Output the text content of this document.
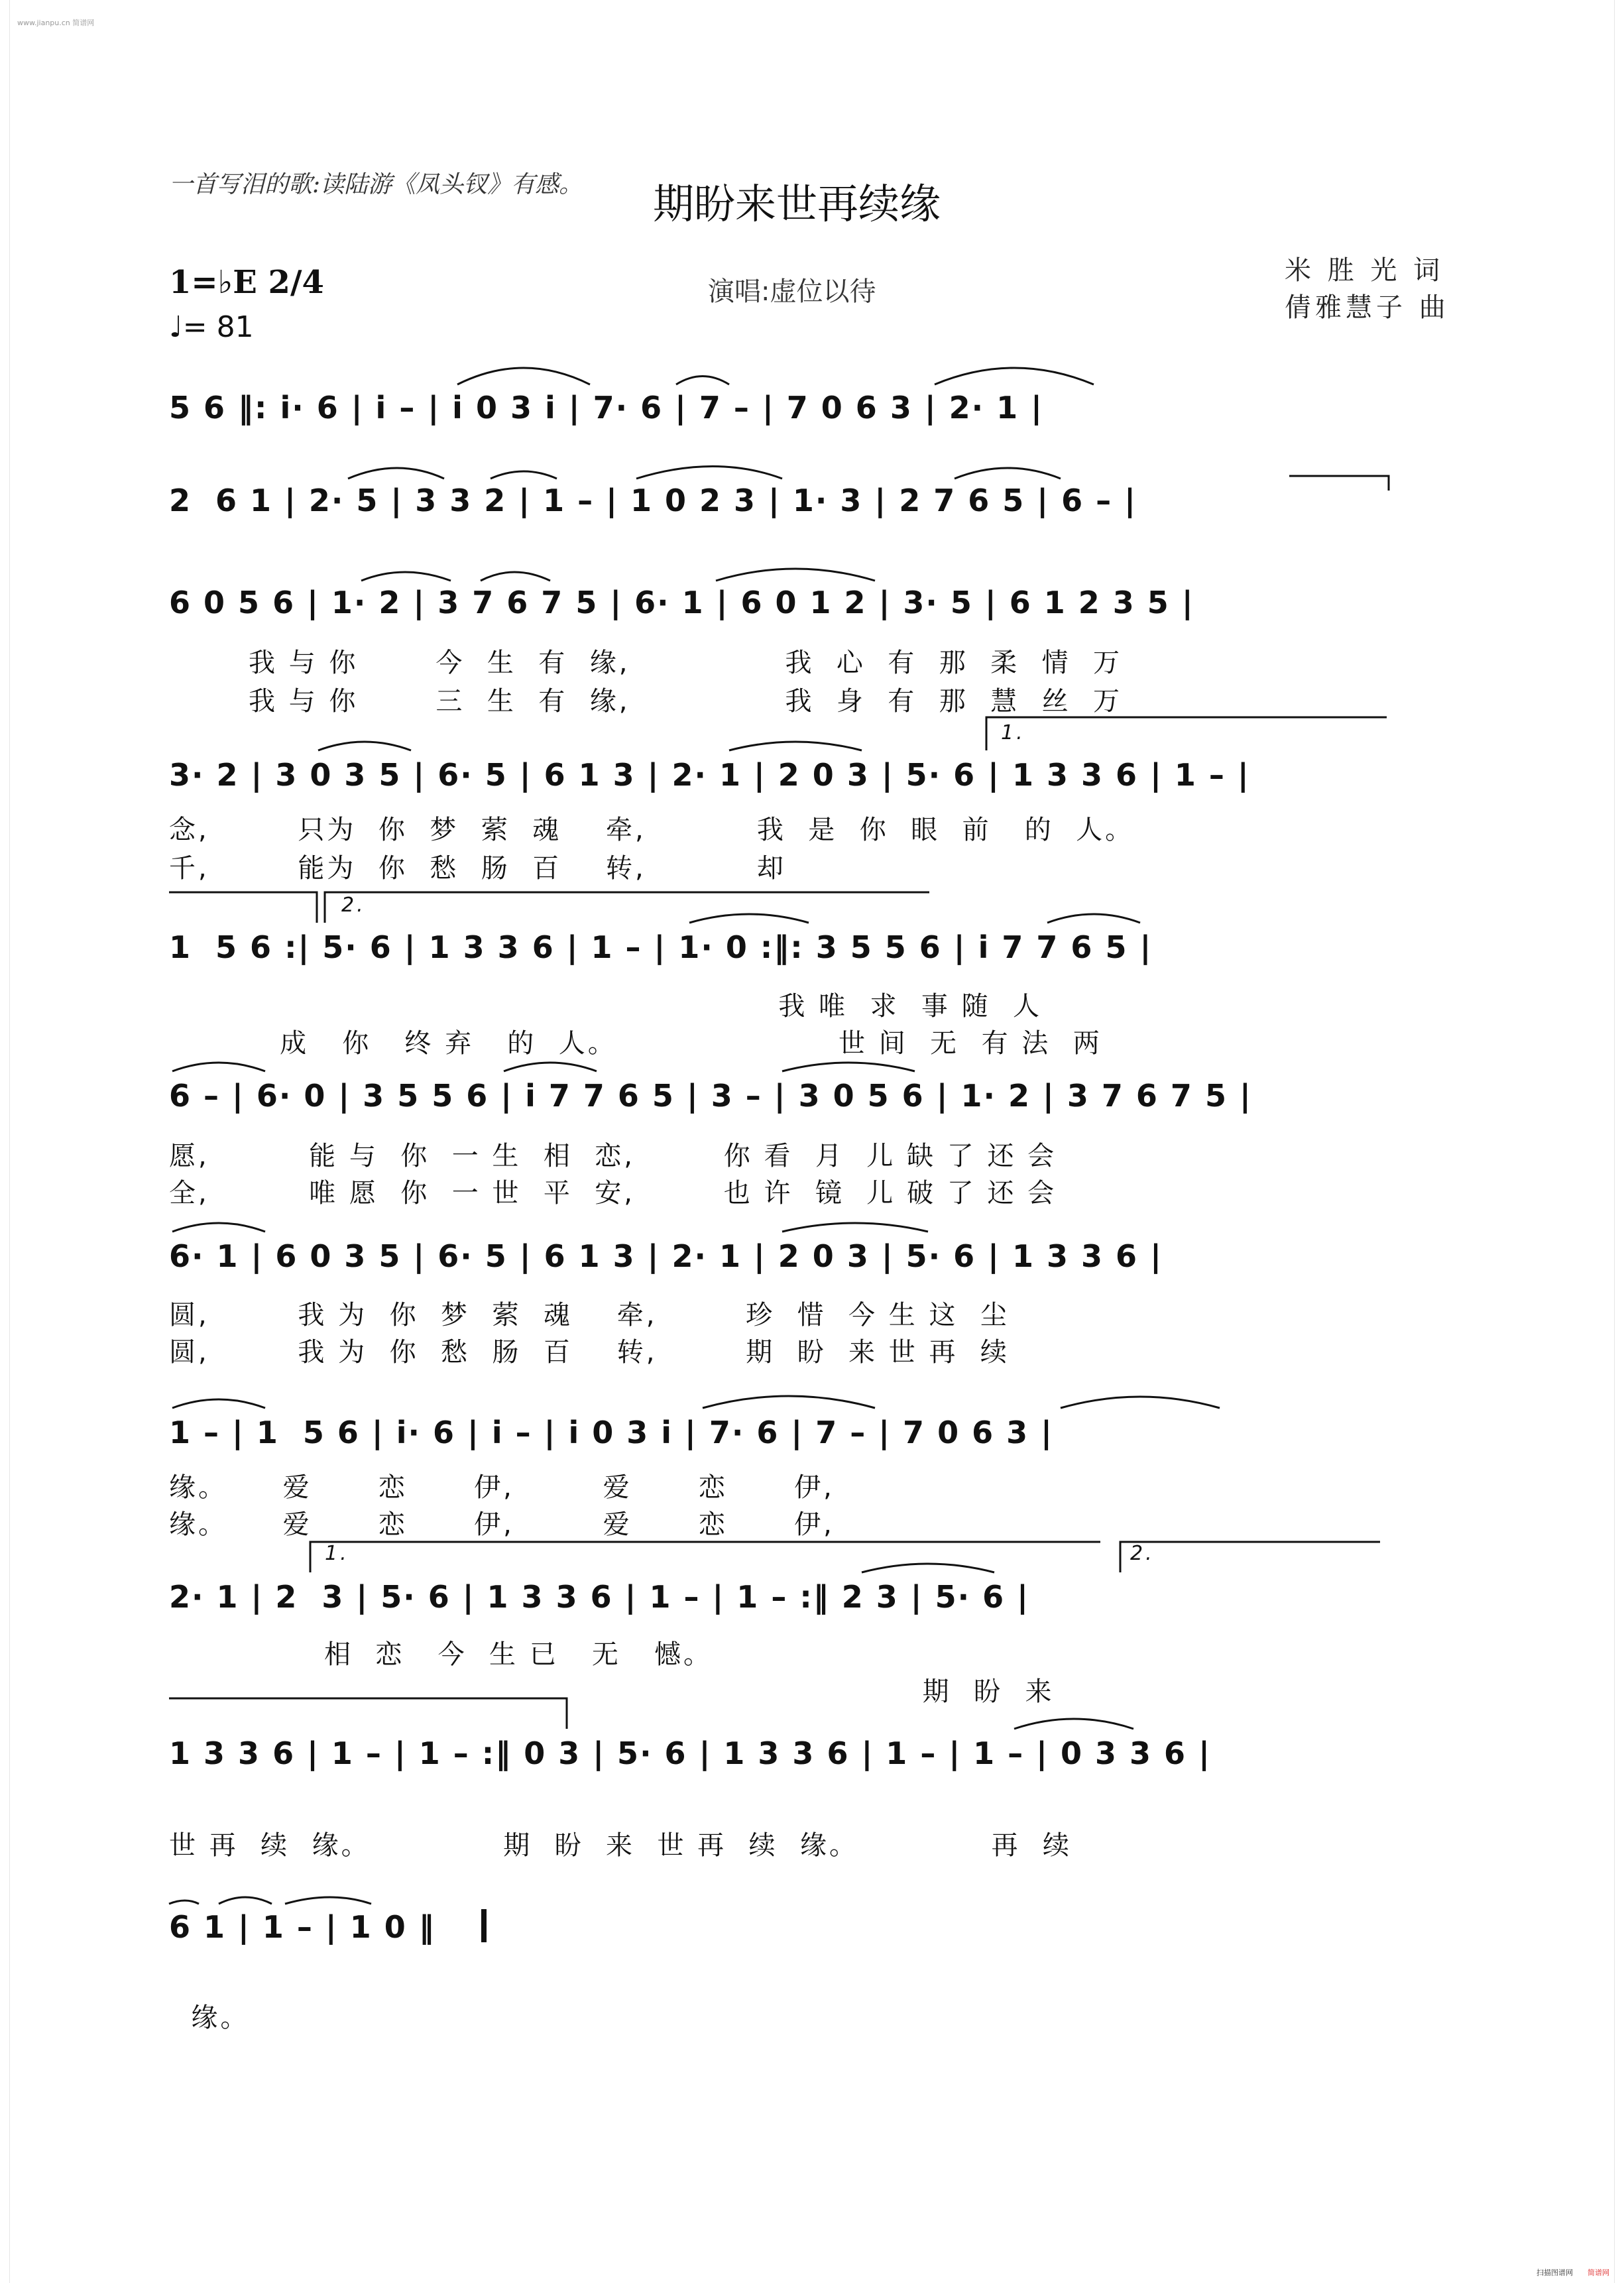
www.jianpu.cn 简谱网
一首写泪的歌:读陆游《凤头钗》有感。 期盼来世再续缘
1=♭E 2/4
♩= 81
演唱:虚位以待
米 胜 光 词
倩雅慧子 曲
5 6 ‖: i· 6 | i – | i 0 3 i | 7· 6 | 7 – | 7 0 6 3 | 2· 1 |
2  6 1 | 2· 5 | 3 3 2 | 1 – | 1 0 2 3 | 1· 3 | 2 7 6 5 | 6 – |
6 0 5 6 | 1· 2 | 3 7 6 7 5 | 6· 1 | 6 0 1 2 | 3· 5 | 6 1 2 3 5 |
我 与 你       今  生  有  缘,              我  心  有  那  柔  情  万
我 与 你       三  生  有  缘,              我  身  有  那  慧  丝  万
1.
3· 2 | 3 0 3 5 | 6· 5 | 6 1 3 | 2· 1 | 2 0 3 | 5· 6 | 1 3 3 6 | 1 – |
念,        只为  你  梦  萦  魂    牵,          我  是  你  眼  前   的  人。
千,        能为  你  愁  肠  百    转,          却
2.
1  5 6 :| 5· 6 | 1 3 3 6 | 1 – | 1· 0 :‖: 3 5 5 6 | i 7 7 6 5 |
我 唯  求  事 随  人
成   你   终 弃   的  人。                    世 间  无  有 法  两
6 – | 6· 0 | 3 5 5 6 | i 7 7 6 5 | 3 – | 3 0 5 6 | 1· 2 | 3 7 6 7 5 |
愿,         能 与  你  一 生  相  恋,        你 看  月  儿 缺 了 还 会
全,         唯 愿  你  一 世  平  安,        也 许  镜  儿 破 了 还 会
6· 1 | 6 0 3 5 | 6· 5 | 6 1 3 | 2· 1 | 2 0 3 | 5· 6 | 1 3 3 6 |
圆,        我 为  你  梦  萦  魂    牵,        珍  惜  今 生 这  尘
圆,        我 为  你  愁  肠  百    转,        期  盼  来 世 再  续
1 – | 1  5 6 | i· 6 | i – | i 0 3 i | 7· 6 | 7 – | 7 0 6 3 |
缘。     爱      恋      伊,        爱      恋      伊,
缘。     爱      恋      伊,        爱      恋      伊,
1.	2.
2· 1 | 2  3 | 5· 6 | 1 3 3 6 | 1 – | 1 – :‖ 2 3 | 5· 6 |
相  恋   今  生 已   无   憾。
期  盼  来
1 3 3 6 | 1 – | 1 – :‖ 0 3 | 5· 6 | 1 3 3 6 | 1 – | 1 – | 0 3 3 6 |
世 再  续  缘。            期  盼  来  世 再  续  缘。            再  续
6 1 | 1 – | 1 0 ‖
缘。
扫描图谱网 简谱网
